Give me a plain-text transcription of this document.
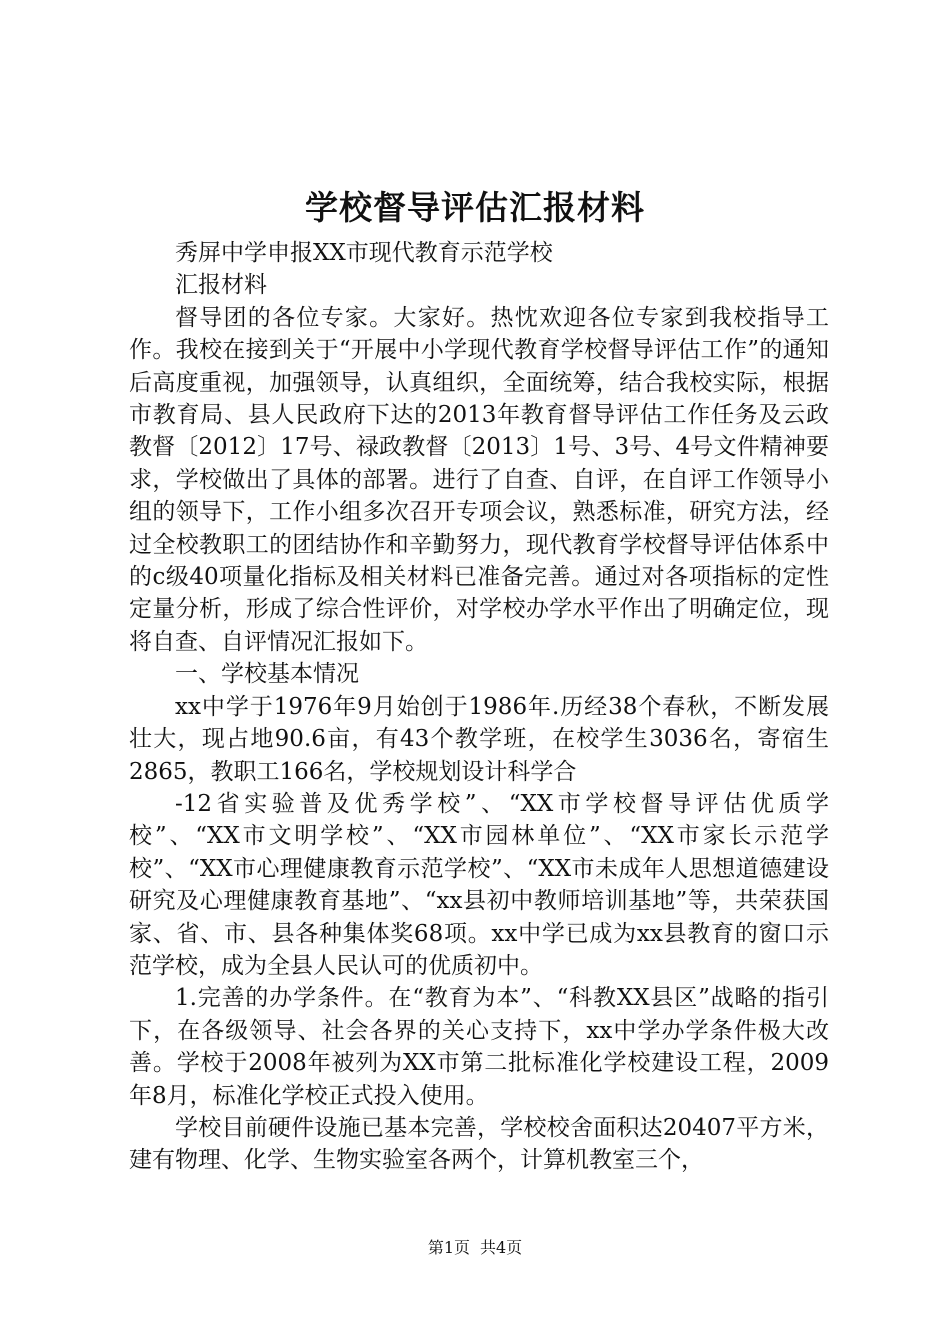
学校督导评估汇报材料

秀屏中学申报XX市现代教育示范学校

汇报材料

督导团的各位专家。大家好。热忱欢迎各位专家到我校指导工作。我校在接到关于“开展中小学现代教育学校督导评估工作”的通知后高度重视，加强领导，认真组织，全面统筹，结合我校实际，根据市教育局、县人民政府下达的2013年教育督导评估工作任务及云政教督〔2012〕17号、禄政教督〔2013〕1号、3号、4号文件精神要求，学校做出了具体的部署。进行了自查、自评，在自评工作领导小组的领导下，工作小组多次召开专项会议，熟悉标准，研究方法，经过全校教职工的团结协作和辛勤努力，现代教育学校督导评估体系中的c级40项量化指标及相关材料已准备完善。通过对各项指标的定性定量分析，形成了综合性评价，对学校办学水平作出了明确定位，现将自查、自评情况汇报如下。

一、学校基本情况

xx中学于1976年9月始创于1986年.历经38个春秋，不断发展壮大，现占地90.6亩，有43个教学班，在校学生3036名，寄宿生2865，教职工166名，学校规划设计科学合

-12省实验普及优秀学校”、“XX市学校督导评估优质学校”、“XX市文明学校”、“XX市园林单位”、“XX市家长示范学校”、“XX市心理健康教育示范学校”、“XX市未成年人思想道德建设研究及心理健康教育基地”、“xx县初中教师培训基地”等，共荣获国家、省、市、县各种集体奖68项。xx中学已成为xx县教育的窗口示范学校，成为全县人民认可的优质初中。

1.完善的办学条件。在“教育为本”、“科教XX县区”战略的指引下，在各级领导、社会各界的关心支持下，xx中学办学条件极大改善。学校于2008年被列为XX市第二批标准化学校建设工程，2009年8月，标准化学校正式投入使用。

学校目前硬件设施已基本完善，学校校舍面积达20407平方米，建有物理、化学、生物实验室各两个，计算机教室三个，

第1页 共4页
